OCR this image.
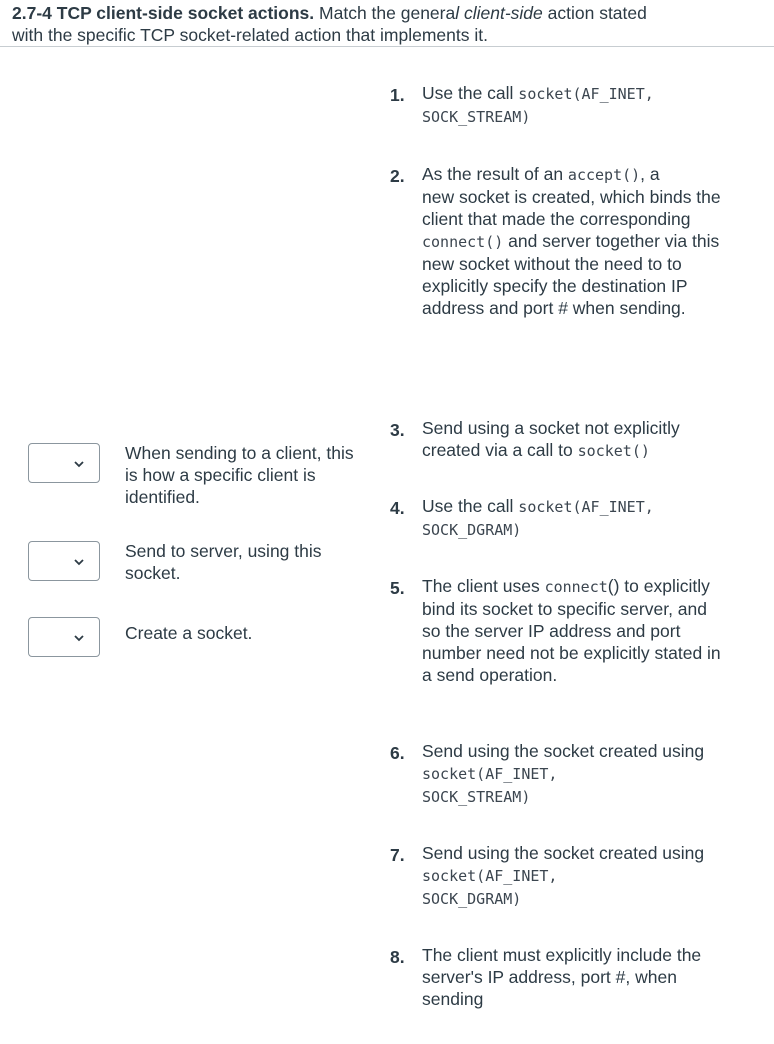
2.7-4 TCP client-side socket actions. Match the general client-side action stated
with the specific TCP socket-related action that implements it.
When sending to a client, this is how a specific client is identified.
Send to server, using this socket.
Create a socket.
1. Use the call socket(AF_INET,
SOCK_STREAM)
2. As the result of an accept(), a
new socket is created, which binds the client that made the corresponding connect() and server together via this new socket without the need to to explicitly specify the destination IP address and port # when sending.
3. Send using a socket not explicitly created via a call to socket()
4. Use the call socket(AF_INET,
SOCK_DGRAM)
5. The client uses connect() to explicitly bind its socket to specific server, and so the server IP address and port number need not be explicitly stated in a send operation.
6. Send using the socket created using
socket(AF_INET,
SOCK_STREAM)
7. Send using the socket created using
socket(AF_INET,
SOCK_DGRAM)
8. The client must explicitly include the server's IP address, port #, when sending
